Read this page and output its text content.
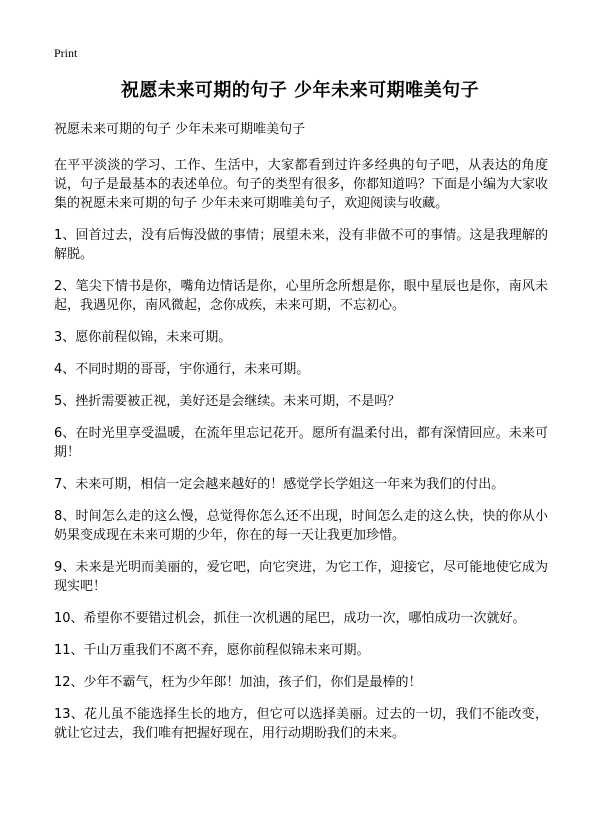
Print
祝愿未来可期的句子 少年未来可期唯美句子

祝愿未来可期的句子 少年未来可期唯美句子

在平平淡淡的学习、工作、生活中，大家都看到过许多经典的句子吧，从表达的角度说，句子是最基本的表述单位。句子的类型有很多，你都知道吗？下面是小编为大家收集的祝愿未来可期的句子 少年未来可期唯美句子，欢迎阅读与收藏。

1、回首过去，没有后悔没做的事情；展望未来，没有非做不可的事情。这是我理解的解脱。

2、笔尖下情书是你，嘴角边情话是你，心里所念所想是你，眼中星辰也是你，南风未起，我遇见你，南风微起，念你成疾，未来可期，不忘初心。

3、愿你前程似锦，未来可期。

4、不同时期的哥哥，宇你通行，未来可期。

5、挫折需要被正视，美好还是会继续。未来可期，不是吗？

6、在时光里享受温暖，在流年里忘记花开。愿所有温柔付出，都有深情回应。未来可期！

7、未来可期，相信一定会越来越好的！感觉学长学姐这一年来为我们的付出。

8、时间怎么走的这么慢，总觉得你怎么还不出现，时间怎么走的这么快，快的你从小奶果变成现在未来可期的少年，你在的每一天让我更加珍惜。

9、未来是光明而美丽的，爱它吧，向它突进，为它工作，迎接它，尽可能地使它成为现实吧！

10、希望你不要错过机会，抓住一次机遇的尾巴，成功一次，哪怕成功一次就好。

11、千山万重我们不离不弃，愿你前程似锦未来可期。

12、少年不霸气，枉为少年郎！加油，孩子们，你们是最棒的！

13、花儿虽不能选择生长的地方，但它可以选择美丽。过去的一切，我们不能改变，就让它过去，我们唯有把握好现在，用行动期盼我们的未来。
